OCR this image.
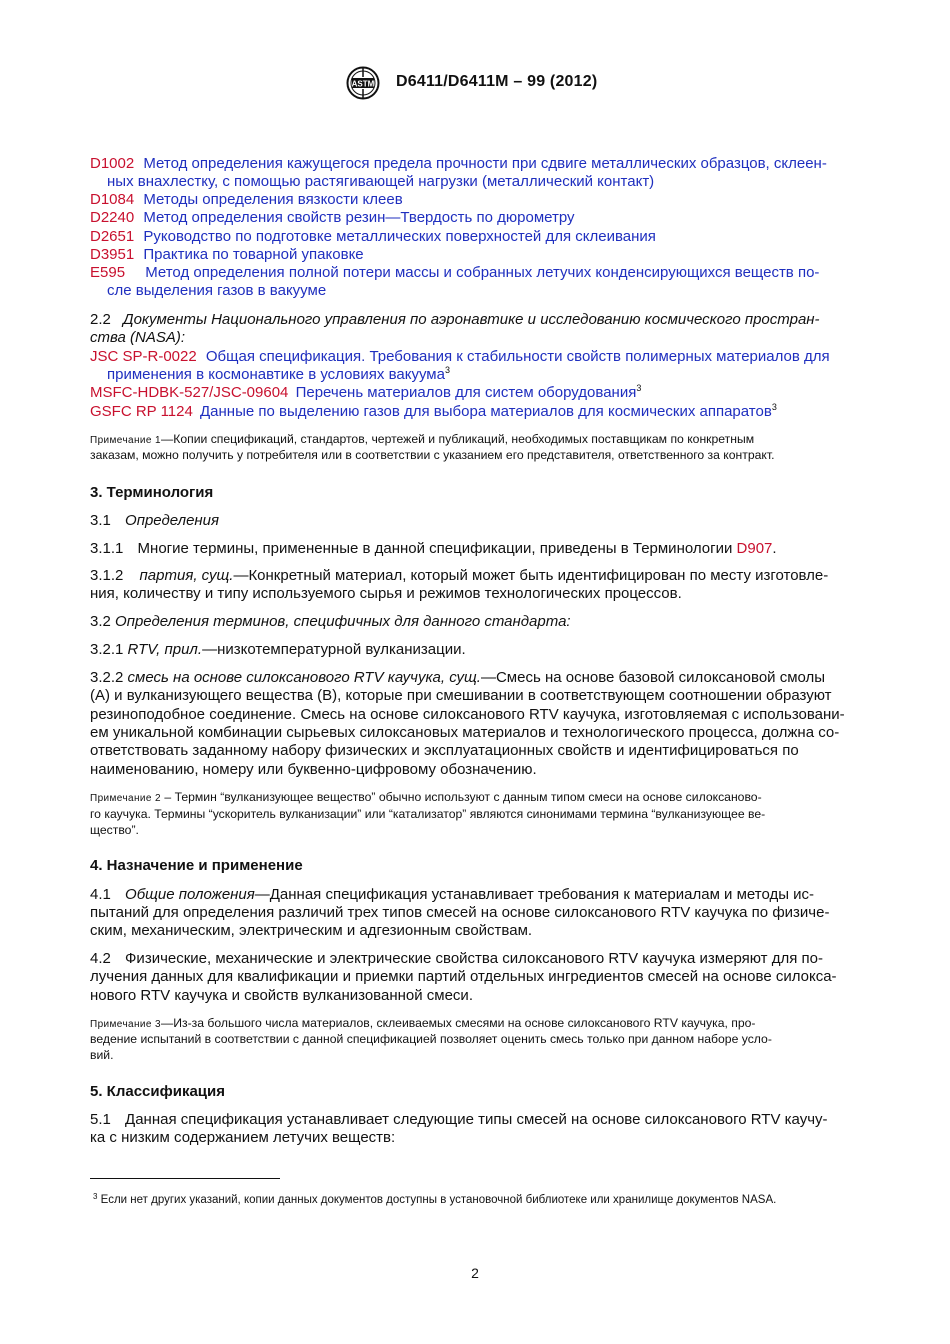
ASTM D6411/D6411M – 99 (2012)
D1002 Метод определения кажущегося предела прочности при сдвиге металлических образцов, склеен-
ных внахлестку, с помощью растягивающей нагрузки (металлический контакт)
D1084 Методы определения вязкости клеев
D2240 Метод определения свойств резин—Твердость по дюрометру
D2651 Руководство по подготовке металлических поверхностей для склеивания
D3951 Практика по товарной упаковке
E595 Метод определения полной потери массы и собранных летучих конденсирующихся веществ по-
сле выделения газов в вакууме
2.2 Документы Национального управления по аэронавтике и исследованию космического простран-
ства (NASA):
JSC SP-R-0022 Общая спецификация. Требования к стабильности свойств полимерных материалов для
применения в космонавтике в условиях вакуума$^3$
MSFC-HDBK-527/JSC-09604 Перечень материалов для систем оборудования$^3$
GSFC RP 1124 Данные по выделению газов для выбора материалов для космических аппаратов$^3$
Примечание 1—Копии спецификаций, стандартов, чертежей и публикаций, необходимых поставщикам по конкретным
заказам, можно получить у потребителя или в соответствии с указанием его представителя, ответственного за контракт.
3. Терминология
3.1 Определения
3.1.1 Многие термины, примененные в данной спецификации, приведены в Терминологии D907.
3.1.2 партия, сущ.—Конкретный материал, который может быть идентифицирован по месту изготовле-
ния, количеству и типу используемого сырья и режимов технологических процессов.
3.2 Определения терминов, специфичных для данного стандарта:
3.2.1 RTV, прил.—низкотемпературной вулканизации.
3.2.2 смесь на основе силоксанового RTV каучука, сущ.—Смесь на основе базовой силоксановой смолы
(А) и вулканизующего вещества (В), которые при смешивании в соответствующем соотношении образуют
резиноподобное соединение. Смесь на основе силоксанового RTV каучука, изготовляемая с использовани-
ем уникальной комбинации сырьевых силоксановых материалов и технологического процесса, должна со-
ответствовать заданному набору физических и эксплуатационных свойств и идентифицироваться по
наименованию, номеру или буквенно-цифровому обозначению.
Примечание 2 – Термин “вулканизующее вещество” обычно используют с данным типом смеси на основе силоксаново-
го каучука. Термины “ускоритель вулканизации” или “катализатор” являются синонимами термина “вулканизующее ве-
щество”.
4. Назначение и применение
4.1 Общие положения—Данная спецификация устанавливает требования к материалам и методы ис-
пытаний для определения различий трех типов смесей на основе силоксанового RTV каучука по физиче-
ским, механическим, электрическим и адгезионным свойствам.
4.2 Физические, механические и электрические свойства силоксанового RTV каучука измеряют для по-
лучения данных для квалификации и приемки партий отдельных ингредиентов смесей на основе силокса-
нового RTV каучука и свойств вулканизованной смеси.
Примечание 3—Из-за большого числа материалов, склеиваемых смесями на основе силоксанового RTV каучука, про-
ведение испытаний в соответствии с данной спецификацией позволяет оценить смесь только при данном наборе усло-
вий.
5. Классификация
5.1 Данная спецификация устанавливает следующие типы смесей на основе силоксанового RTV каучу-
ка с низким содержанием летучих веществ:
$^3$ Если нет других указаний, копии данных документов доступны в установочной библиотеке или хранилище документов NASA.
2
